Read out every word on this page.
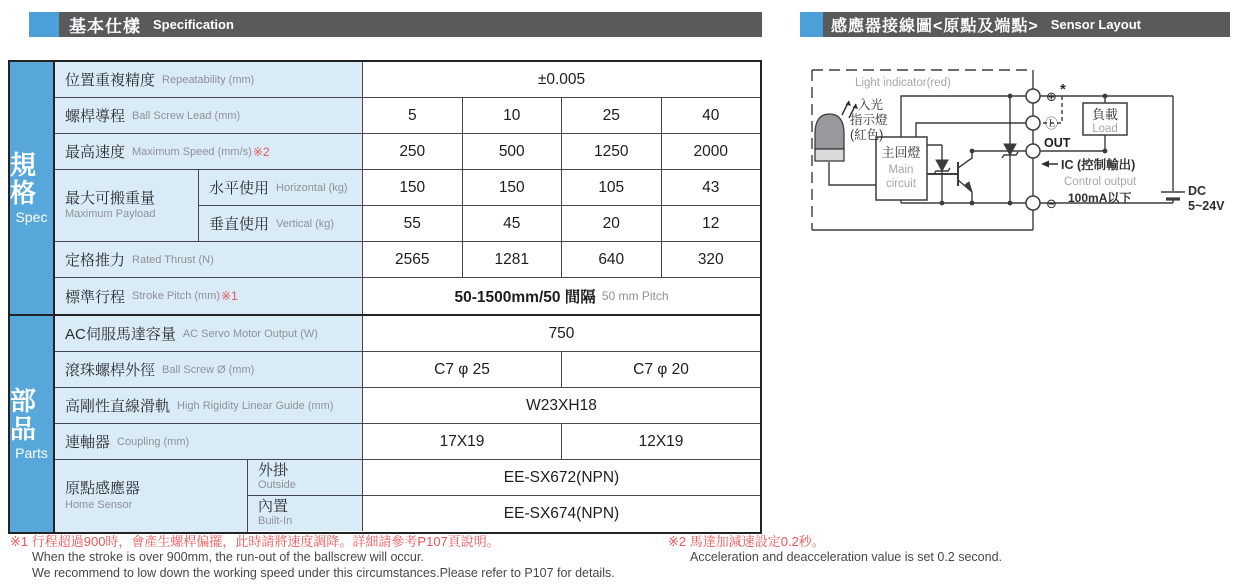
基本仕樣 Specification	感應器接線圖<原點及端點> Sensor Layout
規格
Spec
位置重複精度 Repeatability (mm)	±0.005
螺桿導程 Ball Screw Lead (mm)	5	10	25	40
最高速度 Maximum Speed (mm/s) ※2	250	500	1250	2000
最大可搬重量
Maximum Payload
水平使用 Horizontal (kg)	150	150	105	43
垂直使用 Vertical (kg)	55	45	20	12
定格推力 Rated Thrust (N)	2565	1281	640	320
標準行程 Stroke Pitch (mm) ※1	50-1500mm/50 間隔 50 mm Pitch
部品
Parts
AC伺服馬達容量 AC Servo Motor Output (W)	750
滾珠螺桿外徑 Ball Screw Ø (mm)	C7 φ 25	C7 φ 20
高剛性直線滑軌 High Rigidity Linear Guide (mm)	W23XH18
連軸器 Coupling (mm)	17X19	12X19
原點感應器
Home Sensor
外掛
Outside	EE-SX672(NPN)
內置
Built-In	EE-SX674(NPN)
Light indicator(red)
入光
指示燈
(紅色)
主回燈
Main
circuit
負載
Load
⊕ *
Ⓛ
OUT
IC (控制輸出)
Control output
100mA以下
⊖
DC
5~24V
※1 行程超過900時，會產生螺桿偏擺，此時請將速度調降。詳細請參考P107頁說明。
When the stroke is over 900mm, the run-out of the ballscrew will occur.
We recommend to low down the working speed under this circumstances.Please refer to P107 for details.
※2 馬達加減速設定0.2秒。
Acceleration and deacceleration value is set 0.2 second.
